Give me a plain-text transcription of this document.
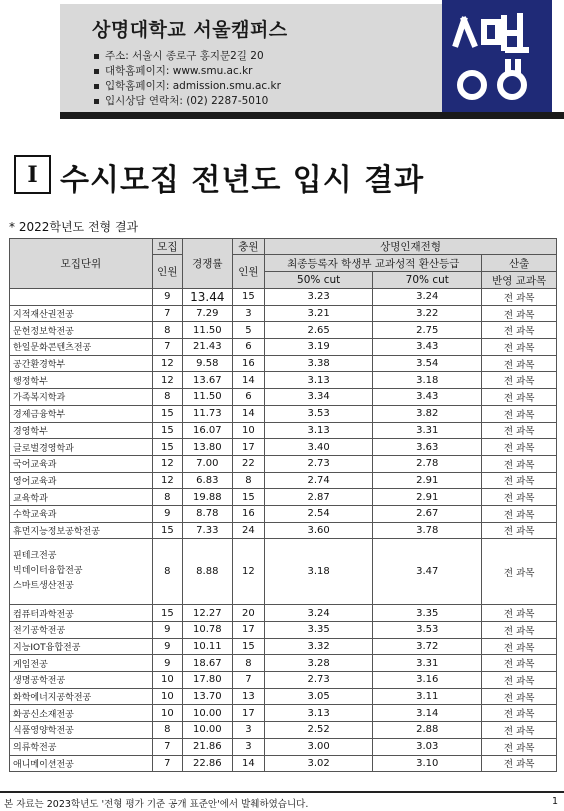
상명대학교 서울캠퍼스
주소: 서울시 종로구 홍지문2길 20
대학홈페이지: www.smu.ac.kr
입학홈페이지: admission.smu.ac.kr
입시상담 연락처: (02) 2287-5010
I 수시모집 전년도 입시 결과
* 2022학년도 전형 결과
모집단위	모집	경쟁률	충원	상명인재전형		
	인원		인원	최종등록자 학생부 교과성적 환산등급		산출
				50% cut	70% cut	반영 교과목
	9	13.44	15	3.23	3.24	전 과목
지적재산권전공	7	7.29	3	3.21	3.22	전 과목
문헌정보학전공	8	11.50	5	2.65	2.75	전 과목
한일문화콘텐츠전공	7	21.43	6	3.19	3.43	전 과목
공간환경학부	12	9.58	16	3.38	3.54	전 과목
행정학부	12	13.67	14	3.13	3.18	전 과목
가족복지학과	8	11.50	6	3.34	3.43	전 과목
경제금융학부	15	11.73	14	3.53	3.82	전 과목
경영학부	15	16.07	10	3.13	3.31	전 과목
글로벌경영학과	15	13.80	17	3.40	3.63	전 과목
국어교육과	12	7.00	22	2.73	2.78	전 과목
영어교육과	12	6.83	8	2.74	2.91	전 과목
교육학과	8	19.88	15	2.87	2.91	전 과목
수학교육과	9	8.78	16	2.54	2.67	전 과목
휴먼지능정보공학전공	15	7.33	24	3.60	3.78	전 과목

핀테크전공
빅데이터융합전공
스마트생산전공	8	8.88	12	3.18	3.47	전 과목
컴퓨터과학전공	15	12.27	20	3.24	3.35	전 과목
전기공학전공	9	10.78	17	3.35	3.53	전 과목
지능IOT융합전공	9	10.11	15	3.32	3.72	전 과목
게임전공	9	18.67	8	3.28	3.31	전 과목
생명공학전공	10	17.80	7	2.73	3.16	전 과목
화학에너지공학전공	10	13.70	13	3.05	3.11	전 과목
화공신소재전공	10	10.00	17	3.13	3.14	전 과목
식품영양학전공	8	10.00	3	2.52	2.88	전 과목
의류학전공	7	21.86	3	3.00	3.03	전 과목
애니메이션전공	7	22.86	14	3.02	3.10	전 과목
본 자료는 2023학년도 '전형 평가 기준 공개 표준안'에서 발췌하였습니다.	1
